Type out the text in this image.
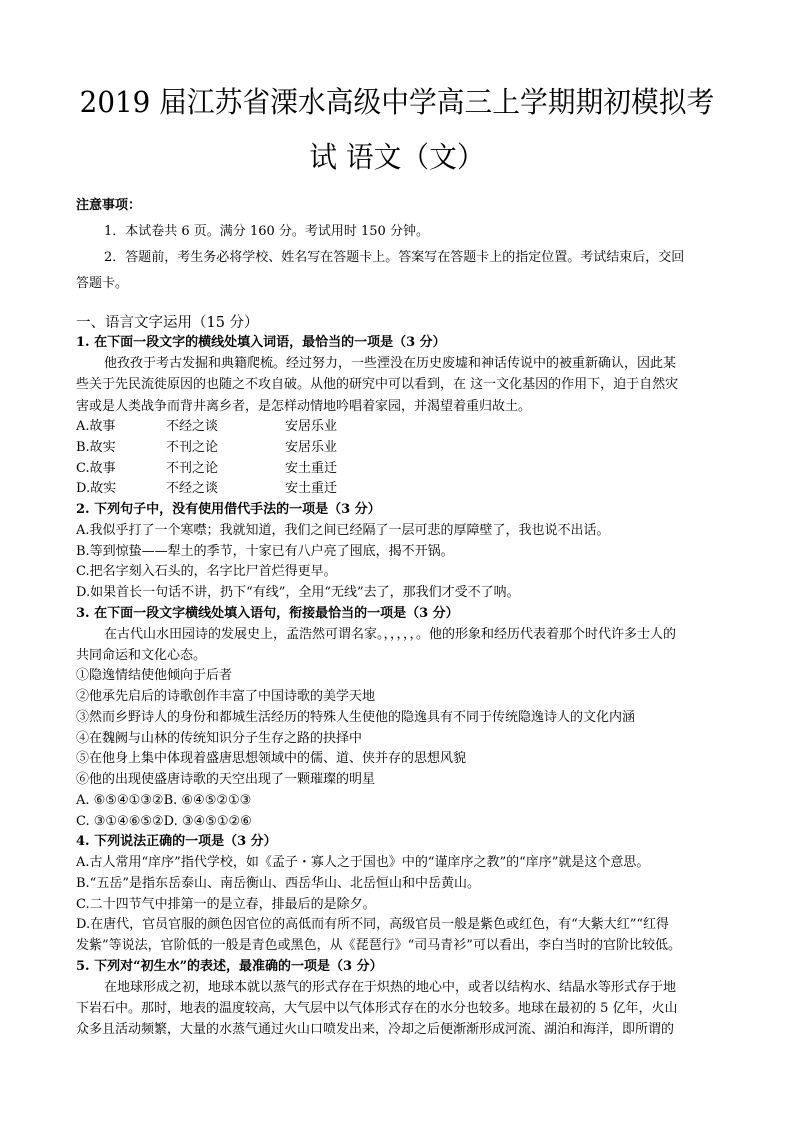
2019 届江苏省溧水高级中学高三上学期期初模拟考
试 语文（文）
注意事项：
1．本试卷共 6 页。满分 160 分。考试用时 150 分钟。
2．答题前，考生务必将学校、姓名写在答题卡上。答案写在答题卡上的指定位置。考试结束后，交回
答题卡。
一、语言文字运用（15 分）
1. 在下面一段文字的横线处填入词语，最恰当的一项是（3 分）
他孜孜于考古发掘和典籍爬梳。经过努力，一些湮没在历史废墟和神话传说中的被重新确认，因此某
些关于先民流徙原因的也随之不攻自破。从他的研究中可以看到，在 这一文化基因的作用下，迫于自然灾
害或是人类战争而背井离乡者，是怎样动情地吟唱着家园，并渴望着重归故土。
A.故事	不经之谈	安居乐业
B.故实	不刊之论	安居乐业
C.故事	不刊之论	安土重迁
D.故实	不经之谈	安土重迁
2. 下列句子中，没有使用借代手法的一项是（3 分）
A.我似乎打了一个寒噤；我就知道，我们之间已经隔了一层可悲的厚障壁了，我也说不出话。
B.等到惊蛰——犁土的季节，十家已有八户亮了囤底，揭不开锅。
C.把名字刻入石头的，名字比尸首烂得更早。
D.如果首长一句话不讲，扔下“有线”，全用“无线”去了，那我们才受不了呐。
3. 在下面一段文字横线处填入语句，衔接最恰当的一项是（3 分）
在古代山水田园诗的发展史上，孟浩然可谓名家。，，，，，。他的形象和经历代表着那个时代许多士人的
共同命运和文化心态。
①隐逸情结使他倾向于后者
②他承先启后的诗歌创作丰富了中国诗歌的美学天地
③然而乡野诗人的身份和都城生活经历的特殊人生使他的隐逸具有不同于传统隐逸诗人的文化内涵
④在魏阙与山林的传统知识分子生存之路的抉择中
⑤在他身上集中体现着盛唐思想领域中的儒、道、侠并存的思想风貌
⑥他的出现使盛唐诗歌的天空出现了一颗璀璨的明星
A. ⑥⑤④①③②B. ⑥④⑤②①③
C. ③①④⑥⑤②D. ③④⑤①②⑥
4. 下列说法正确的一项是（3 分）
A.古人常用“庠序”指代学校，如《孟子・寡人之于国也》中的“谨庠序之教”的“庠序”就是这个意思。
B.“五岳”是指东岳泰山、南岳衡山、西岳华山、北岳恒山和中岳黄山。
C.二十四节气中排第一的是立春，排最后的是除夕。
D.在唐代，官员官服的颜色因官位的高低而有所不同，高级官员一般是紫色或红色，有“大紫大红”“红得
发紫”等说法，官阶低的一般是青色或黑色，从《琵琶行》“司马青衫”可以看出，李白当时的官阶比较低。
5. 下列对“初生水”的表述，最准确的一项是（3 分）
在地球形成之初，地球本就以蒸气的形式存在于炽热的地心中，或者以结构水、结晶水等形式存于地
下岩石中。那时，地表的温度较高，大气层中以气体形式存在的水分也较多。地球在最初的 5 亿年，火山
众多且活动频繁，大量的水蒸气通过火山口喷发出来，冷却之后便渐渐形成河流、湖泊和海洋，即所谓的
